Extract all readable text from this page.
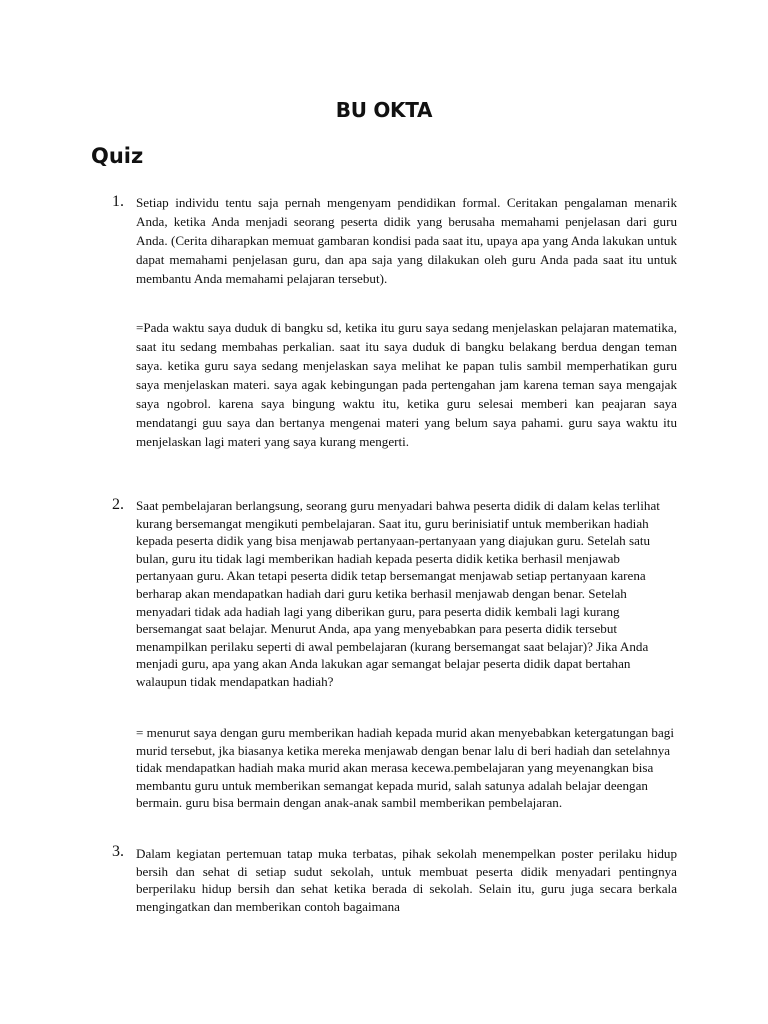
BU OKTA
Quiz
1. Setiap individu tentu saja pernah mengenyam pendidikan formal. Ceritakan pengalaman menarik Anda, ketika Anda menjadi seorang peserta didik yang berusaha memahami penjelasan dari guru Anda. (Cerita diharapkan memuat gambaran kondisi pada saat itu, upaya apa yang Anda lakukan untuk dapat memahami penjelasan guru, dan apa saja yang dilakukan oleh guru Anda pada saat itu untuk membantu Anda memahami pelajaran tersebut).

=Pada waktu saya duduk di bangku sd, ketika itu guru saya sedang menjelaskan pelajaran matematika, saat itu sedang membahas perkalian. saat itu saya duduk di bangku belakang berdua dengan teman saya. ketika guru saya sedang menjelaskan saya melihat ke papan tulis sambil memperhatikan guru saya menjelaskan materi. saya agak kebingungan pada pertengahan jam karena teman saya mengajak saya ngobrol. karena saya bingung waktu itu, ketika guru selesai memberi kan peajaran saya mendatangi guu saya dan bertanya mengenai materi yang belum saya pahami. guru saya waktu itu menjelaskan lagi materi yang saya kurang mengerti.

2. Saat pembelajaran berlangsung, seorang guru menyadari bahwa peserta didik di dalam kelas terlihat kurang bersemangat mengikuti pembelajaran. Saat itu, guru berinisiatif untuk memberikan hadiah kepada peserta didik yang bisa menjawab pertanyaan-pertanyaan yang diajukan guru. Setelah satu bulan, guru itu tidak lagi memberikan hadiah kepada peserta didik ketika berhasil menjawab pertanyaan guru. Akan tetapi peserta didik tetap bersemangat menjawab setiap pertanyaan karena berharap akan mendapatkan hadiah dari guru ketika berhasil menjawab dengan benar. Setelah menyadari tidak ada hadiah lagi yang diberikan guru, para peserta didik kembali lagi kurang bersemangat saat belajar. Menurut Anda, apa yang menyebabkan para peserta didik tersebut menampilkan perilaku seperti di awal pembelajaran (kurang bersemangat saat belajar)? Jika Anda menjadi guru, apa yang akan Anda lakukan agar semangat belajar peserta didik dapat bertahan walaupun tidak mendapatkan hadiah?

= menurut saya dengan guru memberikan hadiah kepada murid akan menyebabkan ketergatungan bagi murid tersebut, jka biasanya ketika mereka menjawab dengan benar lalu di beri hadiah dan setelahnya tidak mendapatkan hadiah maka murid akan merasa kecewa.pembelajaran yang meyenangkan bisa membantu guru untuk memberikan semangat kepada murid, salah satunya adalah belajar deengan bermain. guru bisa bermain dengan anak-anak sambil memberikan pembelajaran.

3. Dalam kegiatan pertemuan tatap muka terbatas, pihak sekolah menempelkan poster perilaku hidup bersih dan sehat di setiap sudut sekolah, untuk membuat peserta didik menyadari pentingnya berperilaku hidup bersih dan sehat ketika berada di sekolah. Selain itu, guru juga secara berkala mengingatkan dan memberikan contoh bagaimana
